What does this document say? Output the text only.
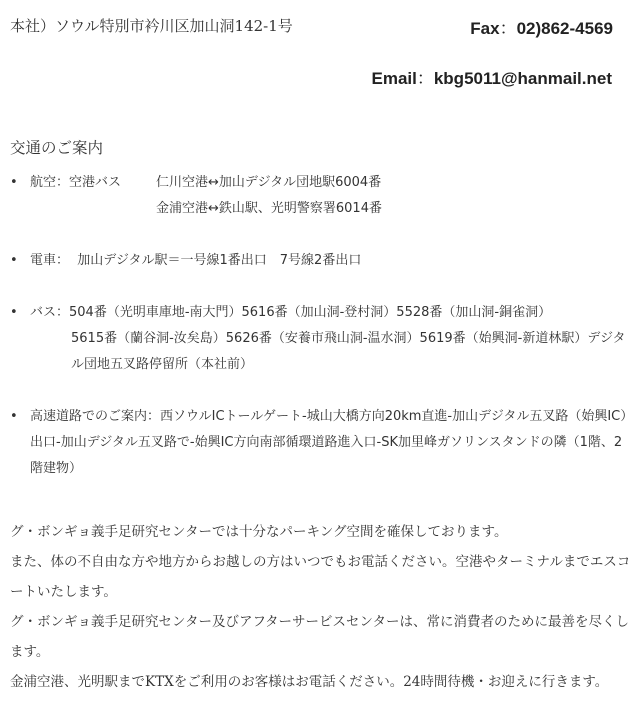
本社）ソウル特別市衿川区加山洞142-1号	Fax：02)862-4569
Email：kbg5011@hanmail.net
交通のご案内
• 航空：空港バス	仁川空港↔加山デジタル団地駅6004番
金浦空港↔鉄山駅、光明警察署6014番
• 電車： 加山デジタル駅＝一号線1番出口　7号線2番出口
• バス：504番（光明車庫地-南大門）5616番（加山洞-登村洞）5528番（加山洞-銅雀洞）
5615番（蘭谷洞-汝矣島）5626番（安養市飛山洞-温水洞）5619番（始興洞-新道林駅）デジタル団地五叉路停留所（本社前）
• 高速道路でのご案内：西ソウルICトールゲート-城山大橋方向20km直進-加山デジタル五叉路（始興IC）出口-加山デジタル五叉路で-始興IC方向南部循環道路進入口-SK加里峰ガソリンスタンドの隣（1階、2階建物）

グ・ボンギョ義手足研究センターでは十分なパーキング空間を確保しております。

また、体の不自由な方や地方からお越しの方はいつでもお電話ください。空港やターミナルまでエスコートいたします。

グ・ボンギョ義手足研究センター及びアフターサービスセンターは、常に消費者のために最善を尽くします。

金浦空港、光明駅までKTXをご利用のお客様はお電話ください。24時間待機・お迎えに行きます。
